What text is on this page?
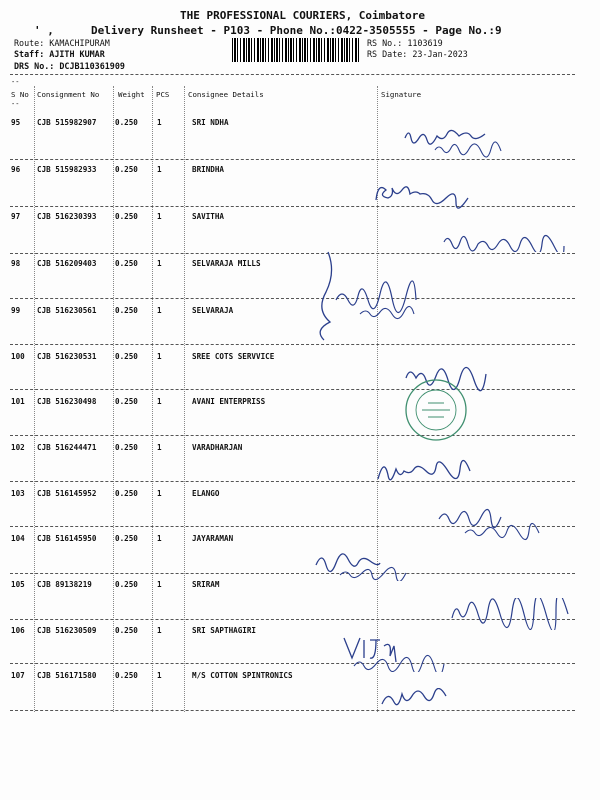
' ,
THE PROFESSIONAL COURIERS, Coimbatore
Delivery Runsheet - P103 - Phone No.:0422-3505555 - Page No.:9
Route: KAMACHIPURAM
Staff: AJITH KUMAR
DRS No.: DCJB110361909
RS No.: 1103619
RS Date: 23-Jan-2023
--
S No Consignment No	Weight PCS	Consignee Details	Signature
--
95 CJB 515982907 0.250	1	SRI NDHA
96 CJB 515982933 0.250	1	BRINDHA
97 CJB 516230393 0.250	1	SAVITHA
98 CJB 516209403 0.250	1	SELVARAJA MILLS
99 CJB 516230561 0.250	1	SELVARAJA
100 CJB 516230531 0.250	1	SREE COTS SERVVICE
101 CJB 516230498 0.250	1	AVANI ENTERPRISS
102 CJB 516244471 0.250	1	VARADHARJAN
103 CJB 516145952 0.250	1	ELANGO
104 CJB 516145950 0.250	1	JAYARAMAN
105 CJB 89138219	0.250	1	SRIRAM
106 CJB 516230509 0.250	1	SRI SAPTHAGIRI
107 CJB 516171580 0.250	1	M/S COTTON SPINTRONICS
